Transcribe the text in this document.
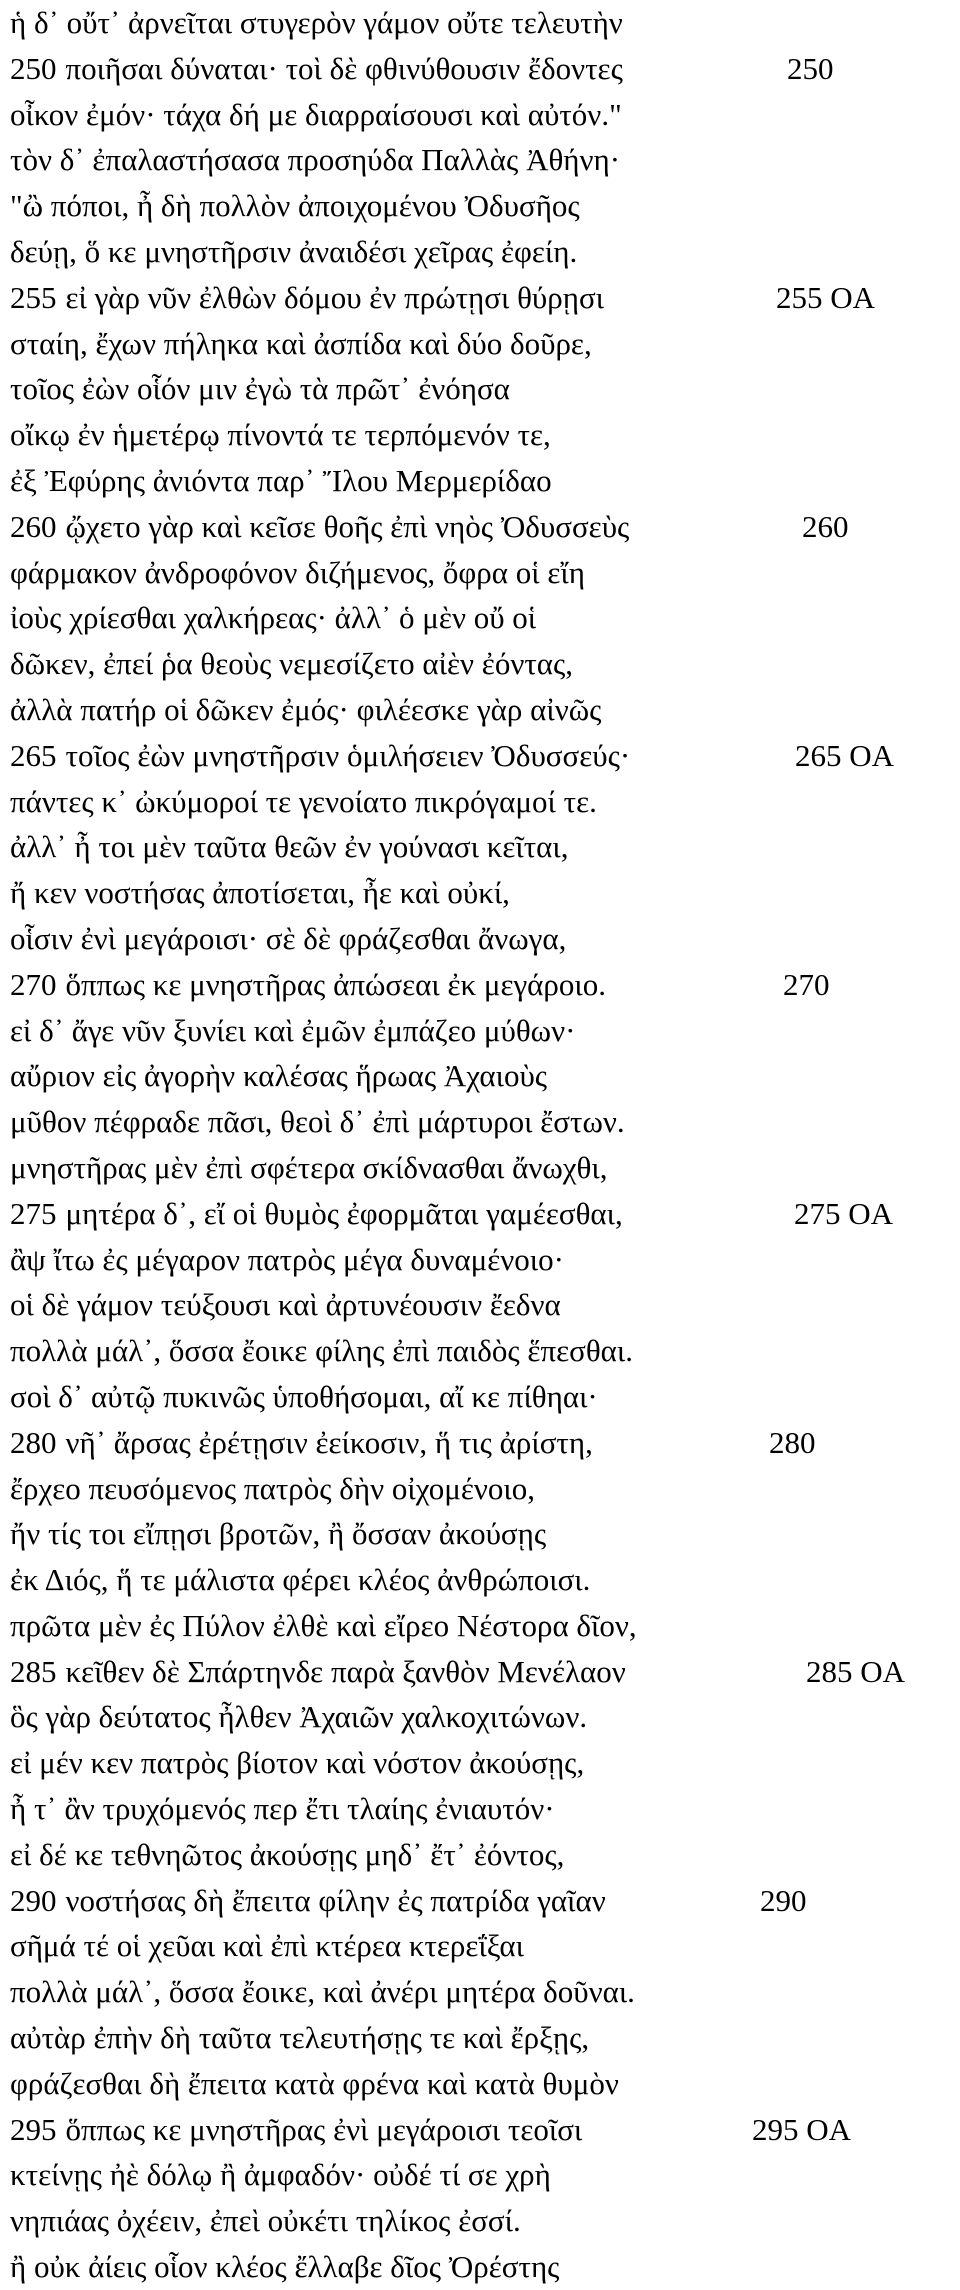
ἡ δ᾽ οὔτ᾽ ἀρνεῖται στυγερὸν γάμον οὔτε τελευτὴν
250 ποιῆσαι δύναται· τοὶ δὲ φθινύθουσιν ἔδοντες	250
οἶκον ἐμόν· τάχα δή με διαρραίσουσι καὶ αὐτόν."
τὸν δ᾽ ἐπαλαστήσασα προσηύδα Παλλὰς Ἀθήνη·
"ὢ πόποι, ἦ δὴ πολλὸν ἀποιχομένου Ὀδυσῆος
δεύῃ, ὅ κε μνηστῆρσιν ἀναιδέσι χεῖρας ἐφείη.
255 εἰ γὰρ νῦν ἐλθὼν δόμου ἐν πρώτῃσι θύρῃσι	255 OA
σταίη, ἔχων πήληκα καὶ ἀσπίδα καὶ δύο δοῦρε,
τοῖος ἐὼν οἷόν μιν ἐγὼ τὰ πρῶτ᾽ ἐνόησα
οἴκῳ ἐν ἡμετέρῳ πίνοντά τε τερπόμενόν τε,
ἐξ Ἐφύρης ἀνιόντα παρ᾽ Ἴλου Μερμερίδαο
260 ᾤχετο γὰρ καὶ κεῖσε θοῆς ἐπὶ νηὸς Ὀδυσσεὺς	260
φάρμακον ἀνδροφόνον διζήμενος, ὄφρα οἱ εἴη
ἰοὺς χρίεσθαι χαλκήρεας· ἀλλ᾽ ὁ μὲν οὔ οἱ
δῶκεν, ἐπεί ῥα θεοὺς νεμεσίζετο αἰὲν ἐόντας,
ἀλλὰ πατήρ οἱ δῶκεν ἐμός· φιλέεσκε γὰρ αἰνῶς
265 τοῖος ἐὼν μνηστῆρσιν ὁμιλήσειεν Ὀδυσσεύς·	265 OA
πάντες κ᾽ ὠκύμοροί τε γενοίατο πικρόγαμοί τε.
ἀλλ᾽ ἦ τοι μὲν ταῦτα θεῶν ἐν γούνασι κεῖται,
ἤ κεν νοστήσας ἀποτίσεται, ἦε καὶ οὐκί,
οἷσιν ἐνὶ μεγάροισι· σὲ δὲ φράζεσθαι ἄνωγα,
270 ὅππως κε μνηστῆρας ἀπώσεαι ἐκ μεγάροιο.	270
εἰ δ᾽ ἄγε νῦν ξυνίει καὶ ἐμῶν ἐμπάζεο μύθων·
αὔριον εἰς ἀγορὴν καλέσας ἥρωας Ἀχαιοὺς
μῦθον πέφραδε πᾶσι, θεοὶ δ᾽ ἐπὶ μάρτυροι ἔστων.
μνηστῆρας μὲν ἐπὶ σφέτερα σκίδνασθαι ἄνωχθι,
275 μητέρα δ᾽, εἴ οἱ θυμὸς ἐφορμᾶται γαμέεσθαι,	275 OA
ἂψ ἴτω ἐς μέγαρον πατρὸς μέγα δυναμένοιο·
οἱ δὲ γάμον τεύξουσι καὶ ἀρτυνέουσιν ἔεδνα
πολλὰ μάλ᾽, ὅσσα ἔοικε φίλης ἐπὶ παιδὸς ἕπεσθαι.
σοὶ δ᾽ αὐτῷ πυκινῶς ὑποθήσομαι, αἴ κε πίθηαι·
280 νῆ᾽ ἄρσας ἐρέτῃσιν ἐείκοσιν, ἥ τις ἀρίστη,	280
ἔρχεο πευσόμενος πατρὸς δὴν οἰχομένοιο,
ἤν τίς τοι εἴπῃσι βροτῶν, ἢ ὄσσαν ἀκούσῃς
ἐκ Διός, ἥ τε μάλιστα φέρει κλέος ἀνθρώποισι.
πρῶτα μὲν ἐς Πύλον ἐλθὲ καὶ εἴρεο Νέστορα δῖον,
285 κεῖθεν δὲ Σπάρτηνδε παρὰ ξανθὸν Μενέλαον	285 OA
ὃς γὰρ δεύτατος ἦλθεν Ἀχαιῶν χαλκοχιτώνων.
εἰ μέν κεν πατρὸς βίοτον καὶ νόστον ἀκούσῃς,
ἦ τ᾽ ἂν τρυχόμενός περ ἔτι τλαίης ἐνιαυτόν·
εἰ δέ κε τεθνηῶτος ἀκούσῃς μηδ᾽ ἔτ᾽ ἐόντος,
290 νοστήσας δὴ ἔπειτα φίλην ἐς πατρίδα γαῖαν	290
σῆμά τέ οἱ χεῦαι καὶ ἐπὶ κτέρεα κτερεΐξαι
πολλὰ μάλ᾽, ὅσσα ἔοικε, καὶ ἀνέρι μητέρα δοῦναι.
αὐτὰρ ἐπὴν δὴ ταῦτα τελευτήσῃς τε καὶ ἔρξῃς,
φράζεσθαι δὴ ἔπειτα κατὰ φρένα καὶ κατὰ θυμὸν
295 ὅππως κε μνηστῆρας ἐνὶ μεγάροισι τεοῖσι	295 OA
κτείνῃς ἠὲ δόλῳ ἢ ἀμφαδόν· οὐδέ τί σε χρὴ
νηπιάας ὀχέειν, ἐπεὶ οὐκέτι τηλίκος ἐσσί.
ἢ οὐκ ἀίεις οἷον κλέος ἔλλαβε δῖος Ὀρέστης
